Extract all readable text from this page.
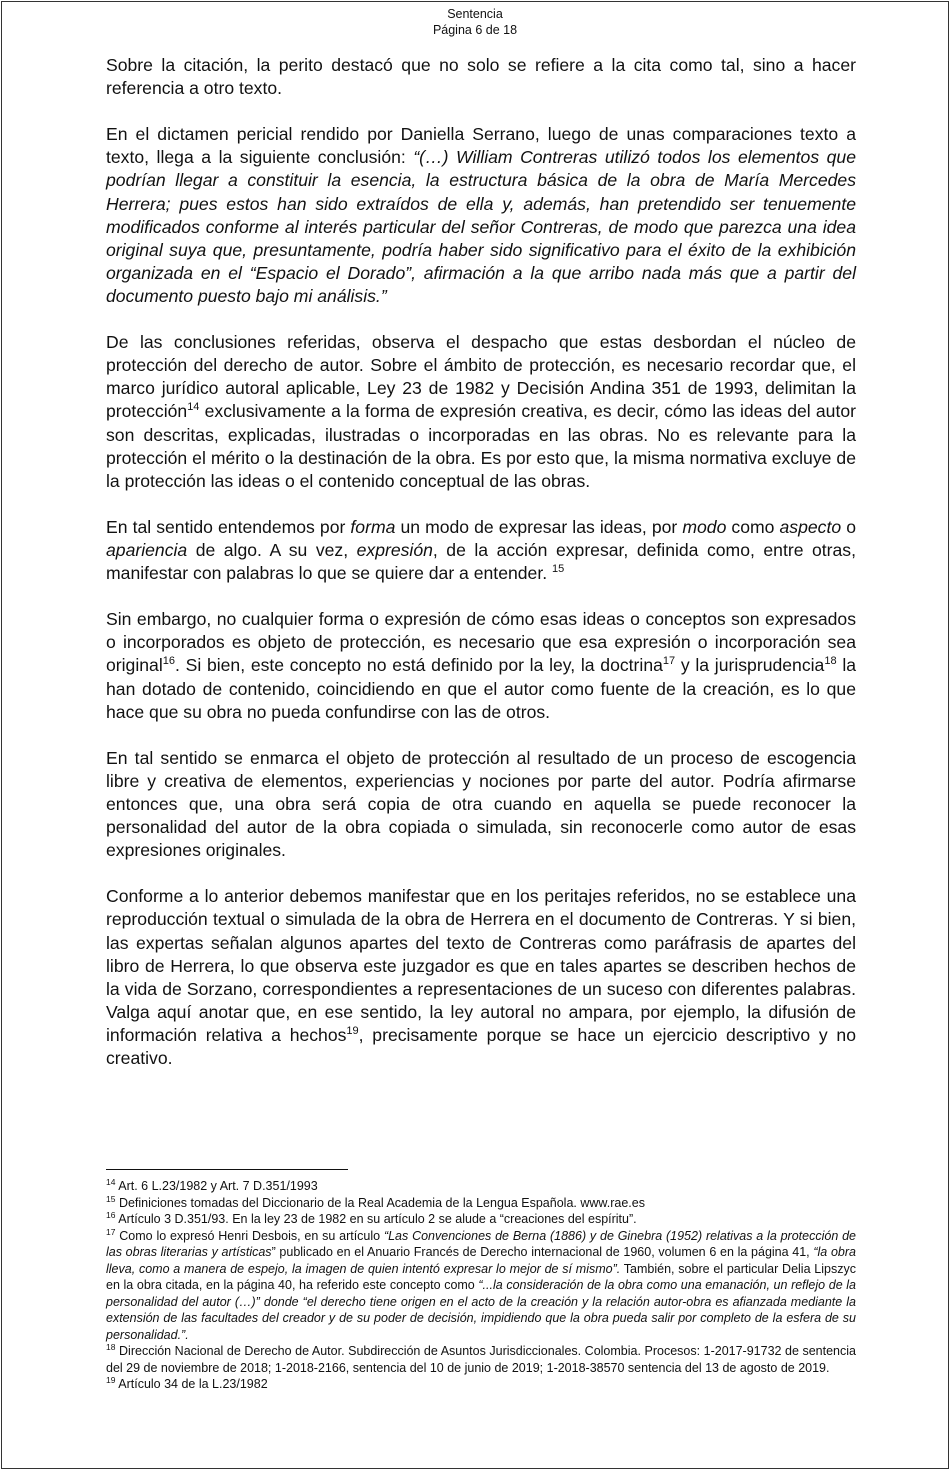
Sentencia
Página 6 de 18

Sobre la citación, la perito destacó que no solo se refiere a la cita como tal, sino a hacer referencia a otro texto.

En el dictamen pericial rendido por Daniella Serrano, luego de unas comparaciones texto a texto, llega a la siguiente conclusión: “(…) William Contreras utilizó todos los elementos que podrían llegar a constituir la esencia, la estructura básica de la obra de María Mercedes Herrera; pues estos han sido extraídos de ella y, además, han pretendido ser tenuemente modificados conforme al interés particular del señor Contreras, de modo que parezca una idea original suya que, presuntamente, podría haber sido significativo para el éxito de la exhibición organizada en el “Espacio el Dorado”, afirmación a la que arribo nada más que a partir del documento puesto bajo mi análisis.”

De las conclusiones referidas, observa el despacho que estas desbordan el núcleo de protección del derecho de autor. Sobre el ámbito de protección, es necesario recordar que, el marco jurídico autoral aplicable, Ley 23 de 1982 y Decisión Andina 351 de 1993, delimitan la protección$^{14}$ exclusivamente a la forma de expresión creativa, es decir, cómo las ideas del autor son descritas, explicadas, ilustradas o incorporadas en las obras. No es relevante para la protección el mérito o la destinación de la obra. Es por esto que, la misma normativa excluye de la protección las ideas o el contenido conceptual de las obras.

En tal sentido entendemos por forma un modo de expresar las ideas, por modo como aspecto o apariencia de algo. A su vez, expresión, de la acción expresar, definida como, entre otras, manifestar con palabras lo que se quiere dar a entender. $^{15}$

Sin embargo, no cualquier forma o expresión de cómo esas ideas o conceptos son expresados o incorporados es objeto de protección, es necesario que esa expresión o incorporación sea original$^{16}$. Si bien, este concepto no está definido por la ley, la doctrina$^{17}$ y la jurisprudencia$^{18}$ la han dotado de contenido, coincidiendo en que el autor como fuente de la creación, es lo que hace que su obra no pueda confundirse con las de otros.

En tal sentido se enmarca el objeto de protección al resultado de un proceso de escogencia libre y creativa de elementos, experiencias y nociones por parte del autor. Podría afirmarse entonces que, una obra será copia de otra cuando en aquella se puede reconocer la personalidad del autor de la obra copiada o simulada, sin reconocerle como autor de esas expresiones originales.

Conforme a lo anterior debemos manifestar que en los peritajes referidos, no se establece una reproducción textual o simulada de la obra de Herrera en el documento de Contreras. Y si bien, las expertas señalan algunos apartes del texto de Contreras como paráfrasis de apartes del libro de Herrera, lo que observa este juzgador es que en tales apartes se describen hechos de la vida de Sorzano, correspondientes a representaciones de un suceso con diferentes palabras. Valga aquí anotar que, en ese sentido, la ley autoral no ampara, por ejemplo, la difusión de información relativa a hechos$^{19}$, precisamente porque se hace un ejercicio descriptivo y no creativo.

$^{14}$ Art. 6 L.23/1982 y Art. 7 D.351/1993

$^{15}$ Definiciones tomadas del Diccionario de la Real Academia de la Lengua Española. www.rae.es

$^{16}$ Artículo 3 D.351/93. En la ley 23 de 1982 en su artículo 2 se alude a “creaciones del espíritu”.

$^{17}$ Como lo expresó Henri Desbois, en su artículo “Las Convenciones de Berna (1886) y de Ginebra (1952) relativas a la protección de las obras literarias y artísticas” publicado en el Anuario Francés de Derecho internacional de 1960, volumen 6 en la página 41, “la obra lleva, como a manera de espejo, la imagen de quien intentó expresar lo mejor de sí mismo”. También, sobre el particular Delia Lipszyc en la obra citada, en la página 40, ha referido este concepto como “...la consideración de la obra como una emanación, un reflejo de la personalidad del autor (…)” donde “el derecho tiene origen en el acto de la creación y la relación autor-obra es afianzada mediante la extensión de las facultades del creador y de su poder de decisión, impidiendo que la obra pueda salir por completo de la esfera de su personalidad.”.

$^{18}$ Dirección Nacional de Derecho de Autor. Subdirección de Asuntos Jurisdiccionales. Colombia. Procesos: 1-2017-91732 de sentencia del 29 de noviembre de 2018; 1-2018-2166, sentencia del 10 de junio de 2019; 1-2018-38570 sentencia del 13 de agosto de 2019.

$^{19}$ Artículo 34 de la L.23/1982
